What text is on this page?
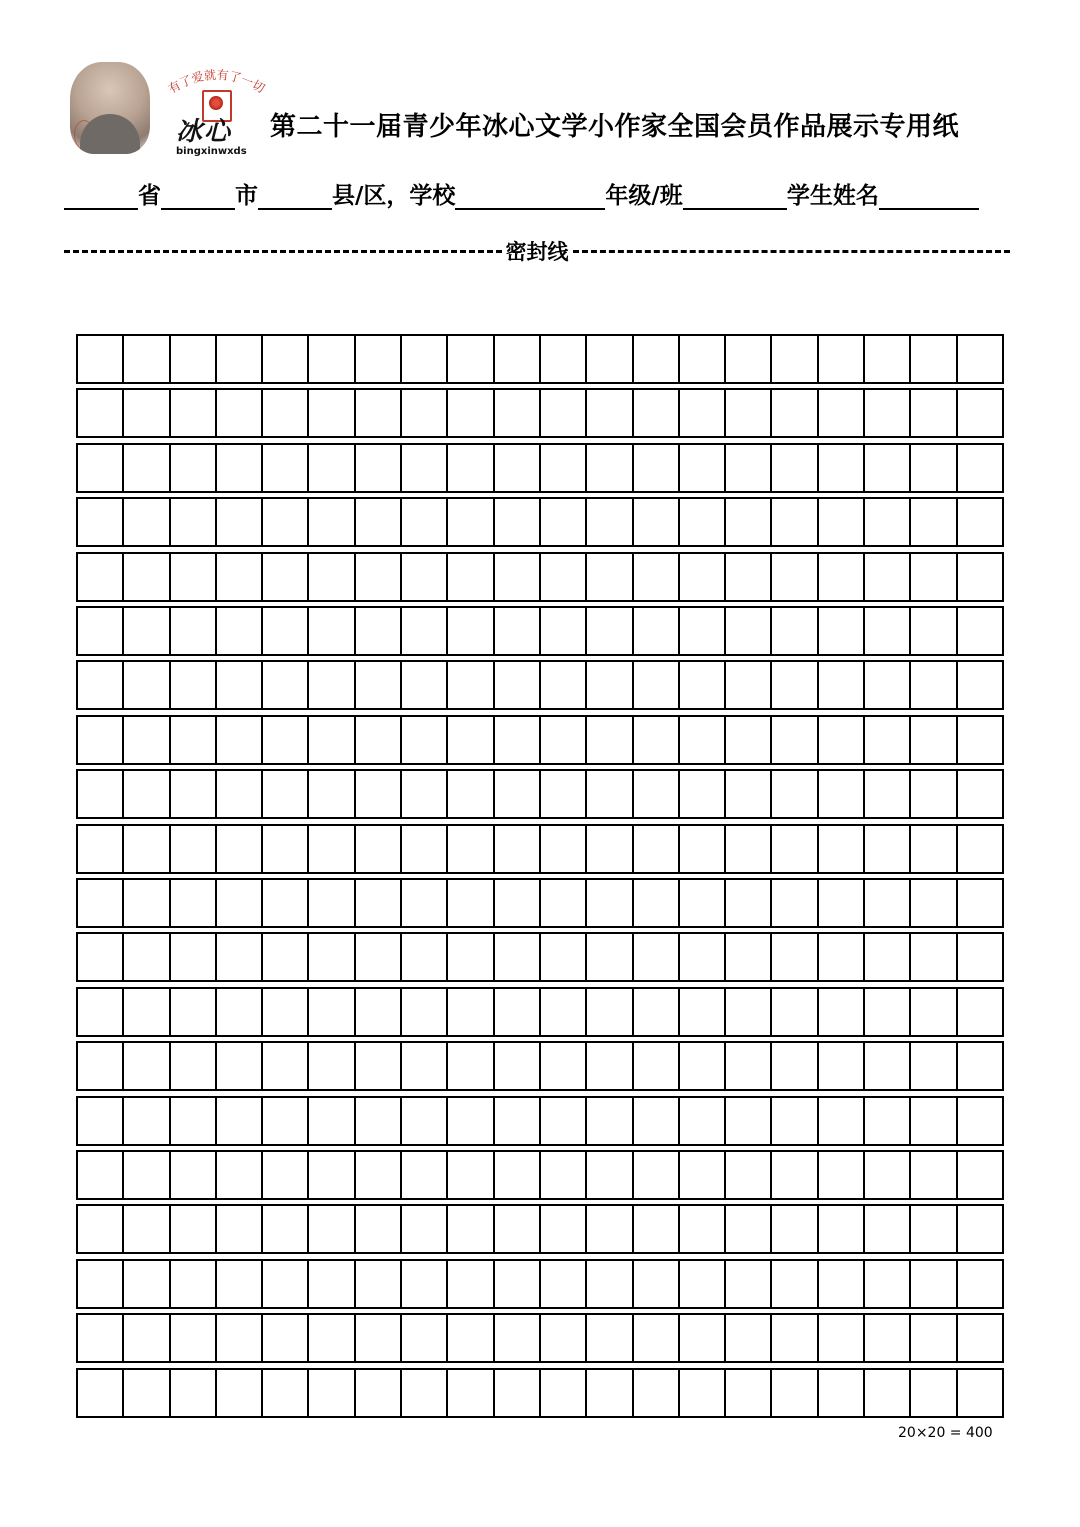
有了爱就有了一切
冰心
bingxinwxds
第二十一届青少年冰心文学小作家全国会员作品展示专用纸
省	市	县/区，学校	年级/班	学生姓名
密封线
20×20 = 400
